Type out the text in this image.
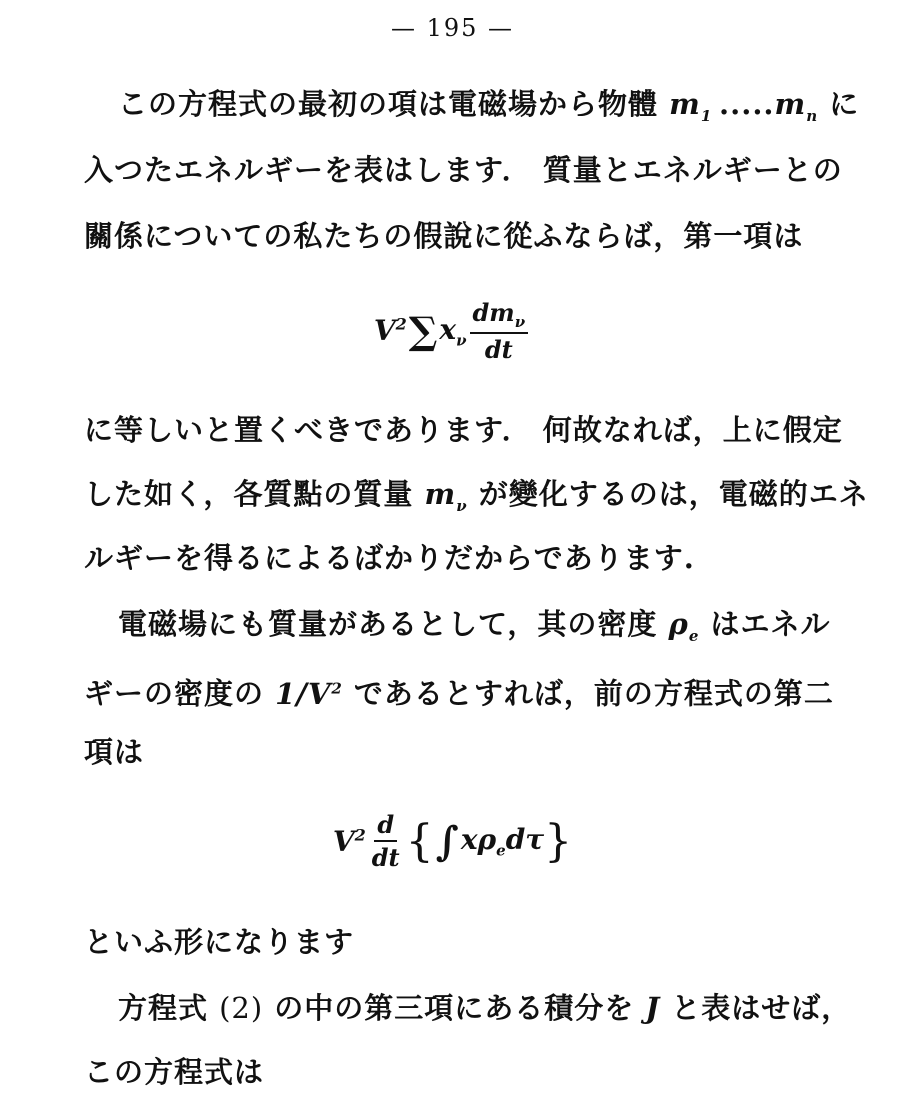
— 195 —
この方程式の最初の項は電磁場から物體 $m_1$ $.....m_n$ に
入つたエネルギーを表はします． 質量とエネルギーとの
關係についての私たちの假說に從ふならば，第一項は
$V^2$ ∑ $x_\nu \frac{dm_\nu}{dt}$
に等しいと置くべきであります． 何故なれば，上に假定
した如く，各質點の質量 $m_\nu$ が變化するのは，電磁的エネ
ルギーを得るによるばかりだからであります.
電磁場にも質量があるとして，其の密度 $\rho_e$ はエネル
ギーの密度の $1/V^2$ であるとすれば，前の方程式の第二
項は
$V^2 \frac{d}{dt}$ { ∫ $x\rho_ed\tau$ }
といふ形になります
方程式 (2) の中の第三項にある積分を J と表はせば，
この方程式は
